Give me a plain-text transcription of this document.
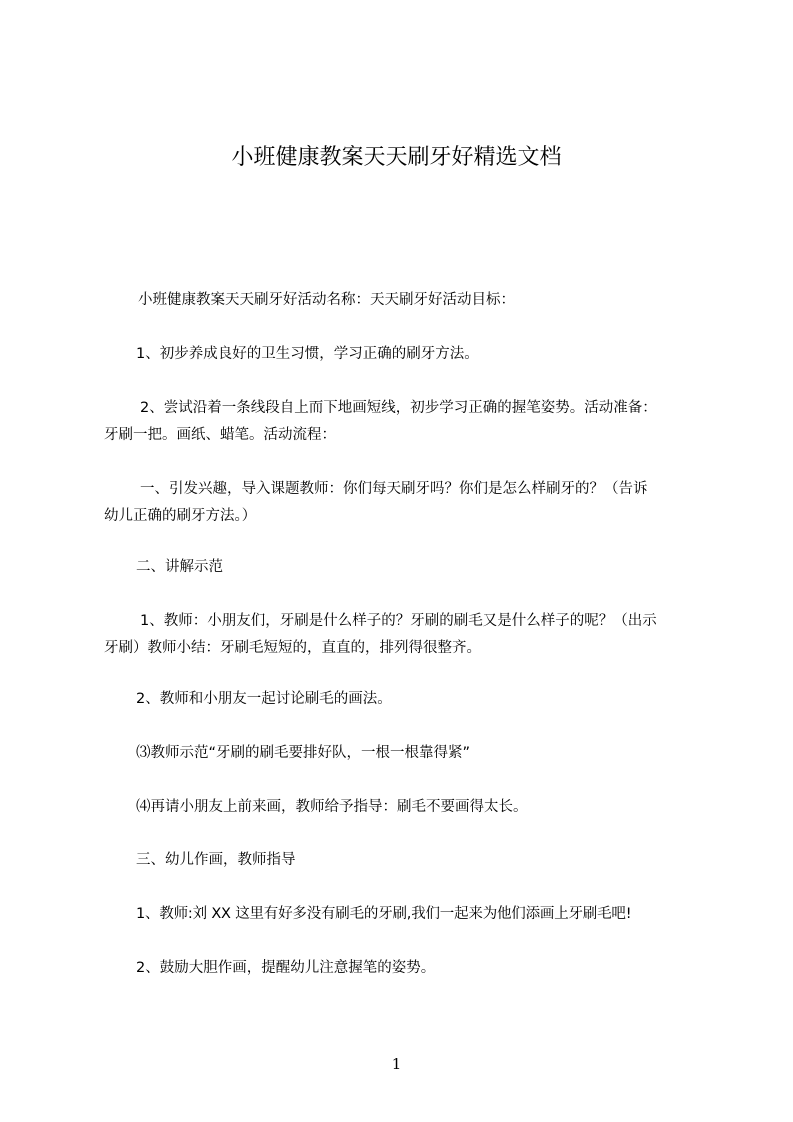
小班健康教案天天刷牙好精选文档
小班健康教案天天刷牙好活动名称：天天刷牙好活动目标：
1、初步养成良好的卫生习惯，学习正确的刷牙方法。
2、尝试沿着一条线段自上而下地画短线，初步学习正确的握笔姿势。活动准备：
牙刷一把。画纸、蜡笔。活动流程：
一、引发兴趣，导入课题教师：你们每天刷牙吗？你们是怎么样刷牙的？（告诉
幼儿正确的刷牙方法。）
二、讲解示范
1、教师：小朋友们，牙刷是什么样子的？牙刷的刷毛又是什么样子的呢？（出示
牙刷）教师小结：牙刷毛短短的，直直的，排列得很整齐。
2、教师和小朋友一起讨论刷毛的画法。
⑶教师示范“牙刷的刷毛要排好队，一根一根靠得紧”
⑷再请小朋友上前来画，教师给予指导：刷毛不要画得太长。
三、幼儿作画，教师指导
1、教师:刘 XX 这里有好多没有刷毛的牙刷,我们一起来为他们添画上牙刷毛吧!
2、鼓励大胆作画，提醒幼儿注意握笔的姿势。
1
